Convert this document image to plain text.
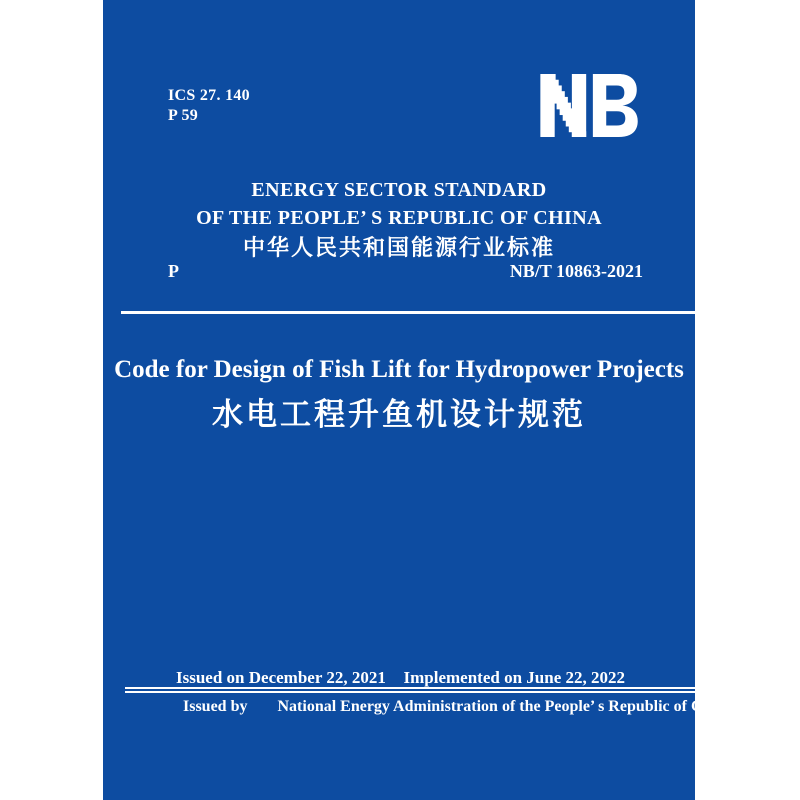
ICS 27. 140
P 59
ENERGY SECTOR STANDARD
OF THE PEOPLE’ S REPUBLIC OF CHINA
中华人民共和国能源行业标准
P	NB/T 10863-2021
Code for Design of Fish Lift for Hydropower Projects
水电工程升鱼机设计规范
Issued on December 22, 2021 Implemented on June 22, 2022
Issued by National Energy Administration of the People’ s Republic of China
